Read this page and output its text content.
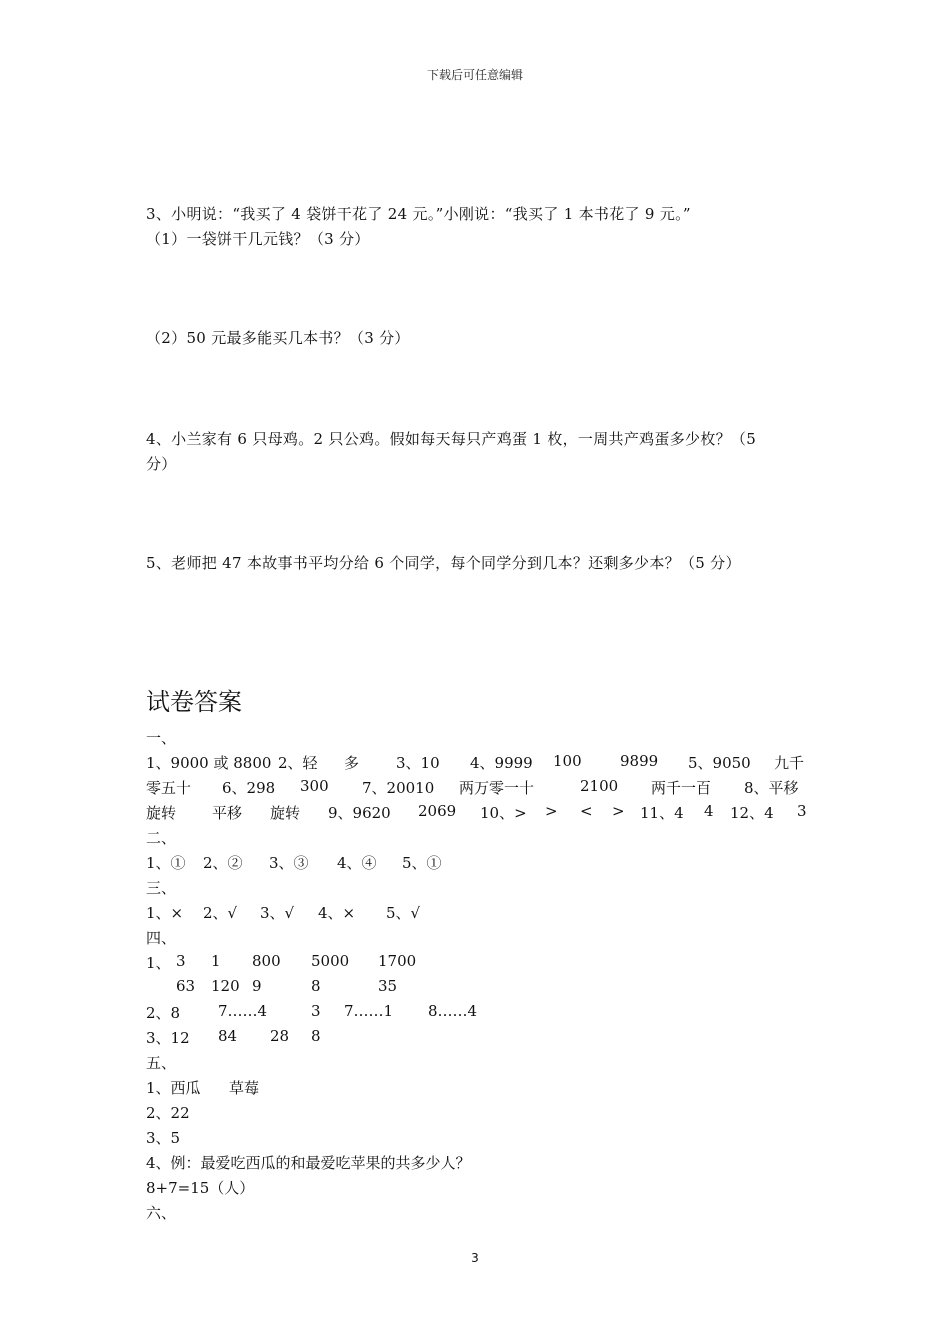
下载后可任意编辑
3、小明说：“我买了 4 袋饼干花了 24 元。”小刚说：“我买了 1 本书花了 9 元。”
（1）一袋饼干几元钱？（3 分）
（2）50 元最多能买几本书？（3 分）
4、小兰家有 6 只母鸡。2 只公鸡。假如每天每只产鸡蛋 1 枚，一周共产鸡蛋多少枚？（5
分）
5、老师把 47 本故事书平均分给 6 个同学，每个同学分到几本？还剩多少本？（5 分）
试卷答案
一、
1、9000 或 8800 2、轻 多 3、10 4、9999 100	9899 5、9050 九千
零五十 6、298 300 7、20010 两万零一十	2100 两千一百 8、平移
旋转 平移 旋转 9、9620 2069 10、> > < > 11、4 4 12、4 3
二、
1、① 2、② 3、③ 4、④ 5、①
三、
1、× 2、√ 3、√ 4、× 5、√
四、
1、 3 1 800 5000 1700
63 120 9	8	35
2、8	7……4	3 7……1 8……4
3、12 84 28 8
五、
1、西瓜 草莓
2、22
3、5
4、例：最爱吃西瓜的和最爱吃苹果的共多少人？
8+7=15（人）
六、
3
